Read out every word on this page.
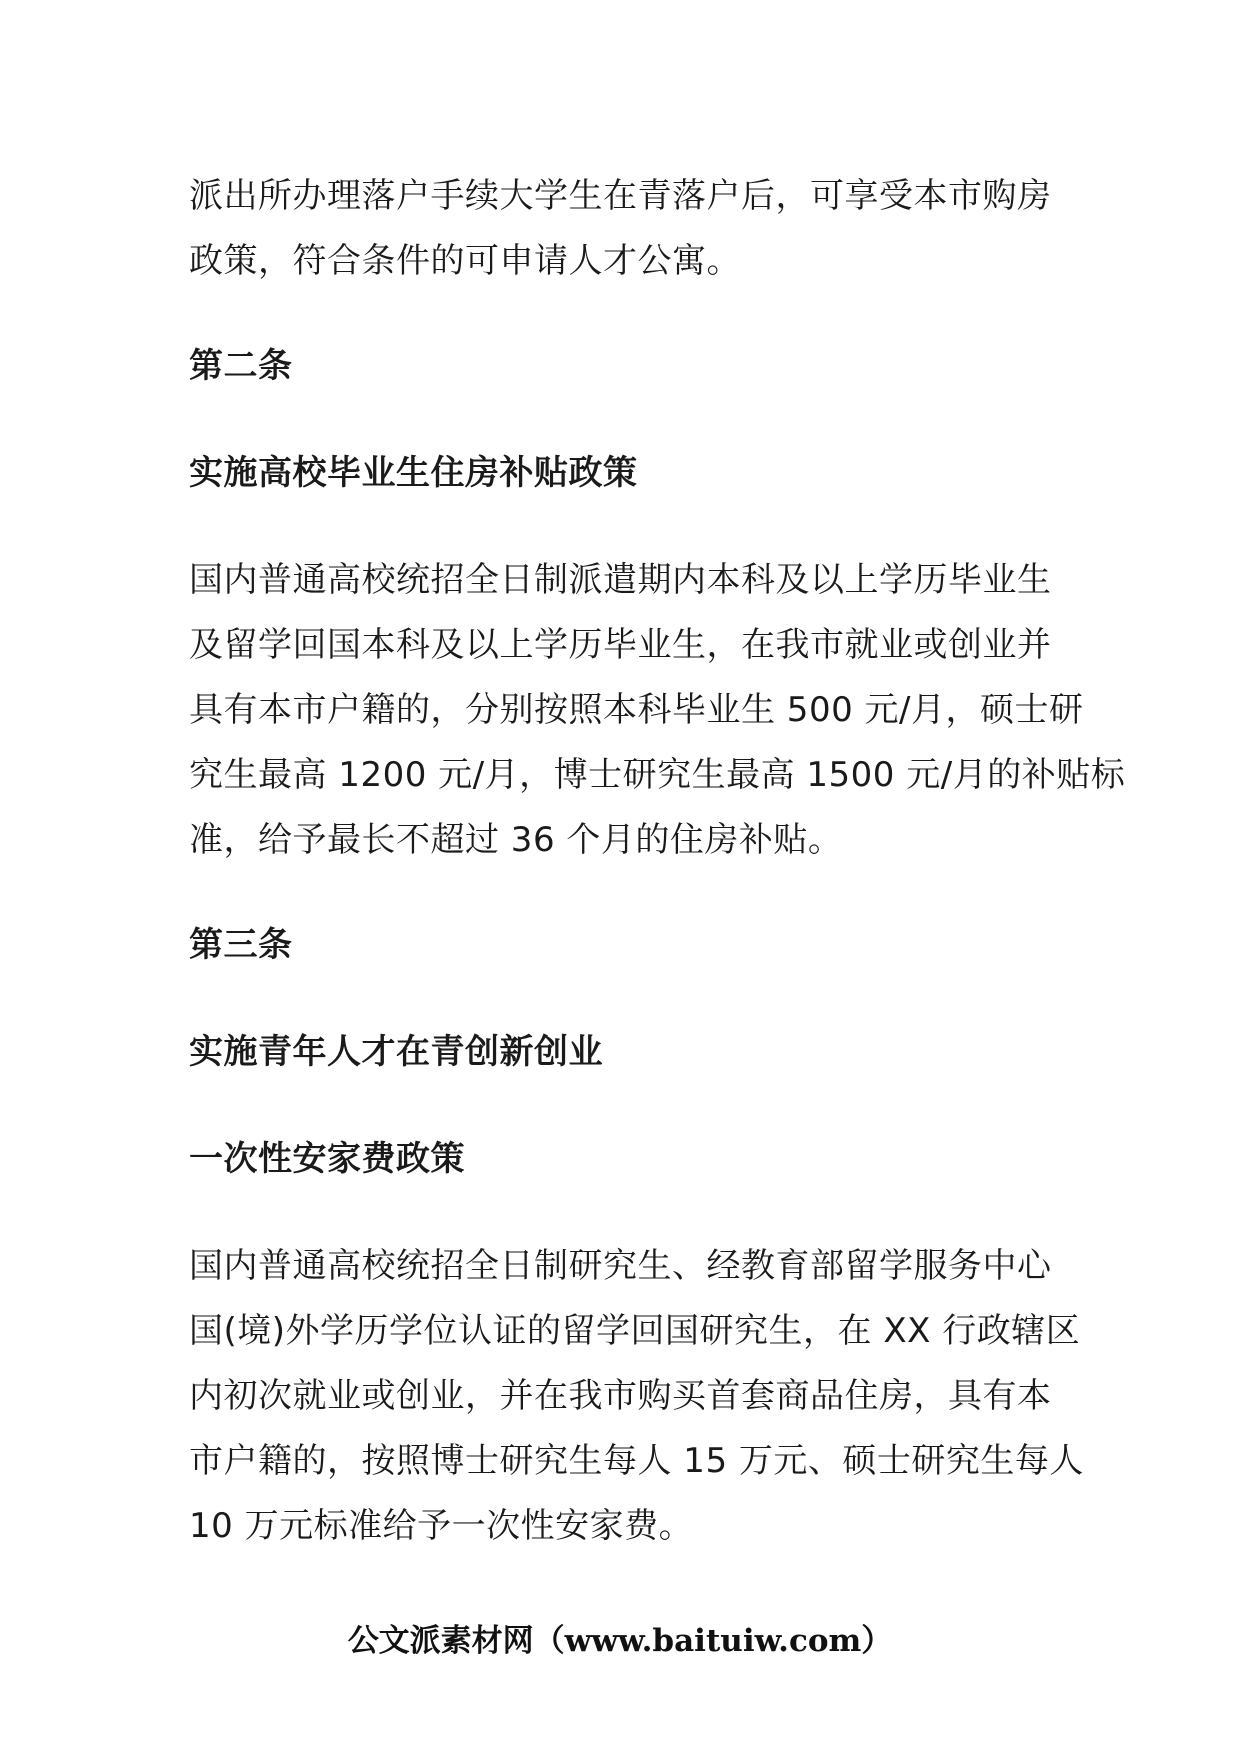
派出所办理落户手续大学生在青落户后，可享受本市购房
政策，符合条件的可申请人才公寓。

第二条

实施高校毕业生住房补贴政策

国内普通高校统招全日制派遣期内本科及以上学历毕业生
及留学回国本科及以上学历毕业生，在我市就业或创业并
具有本市户籍的，分别按照本科毕业生 500 元/月，硕士研
究生最高 1200 元/月，博士研究生最高 1500 元/月的补贴标
准，给予最长不超过 36 个月的住房补贴。

第三条

实施青年人才在青创新创业

一次性安家费政策

国内普通高校统招全日制研究生、经教育部留学服务中心
国(境)外学历学位认证的留学回国研究生，在 XX 行政辖区
内初次就业或创业，并在我市购买首套商品住房，具有本
市户籍的，按照博士研究生每人 15 万元、硕士研究生每人
10 万元标准给予一次性安家费。

公文派素材网（www.baituiw.com）
